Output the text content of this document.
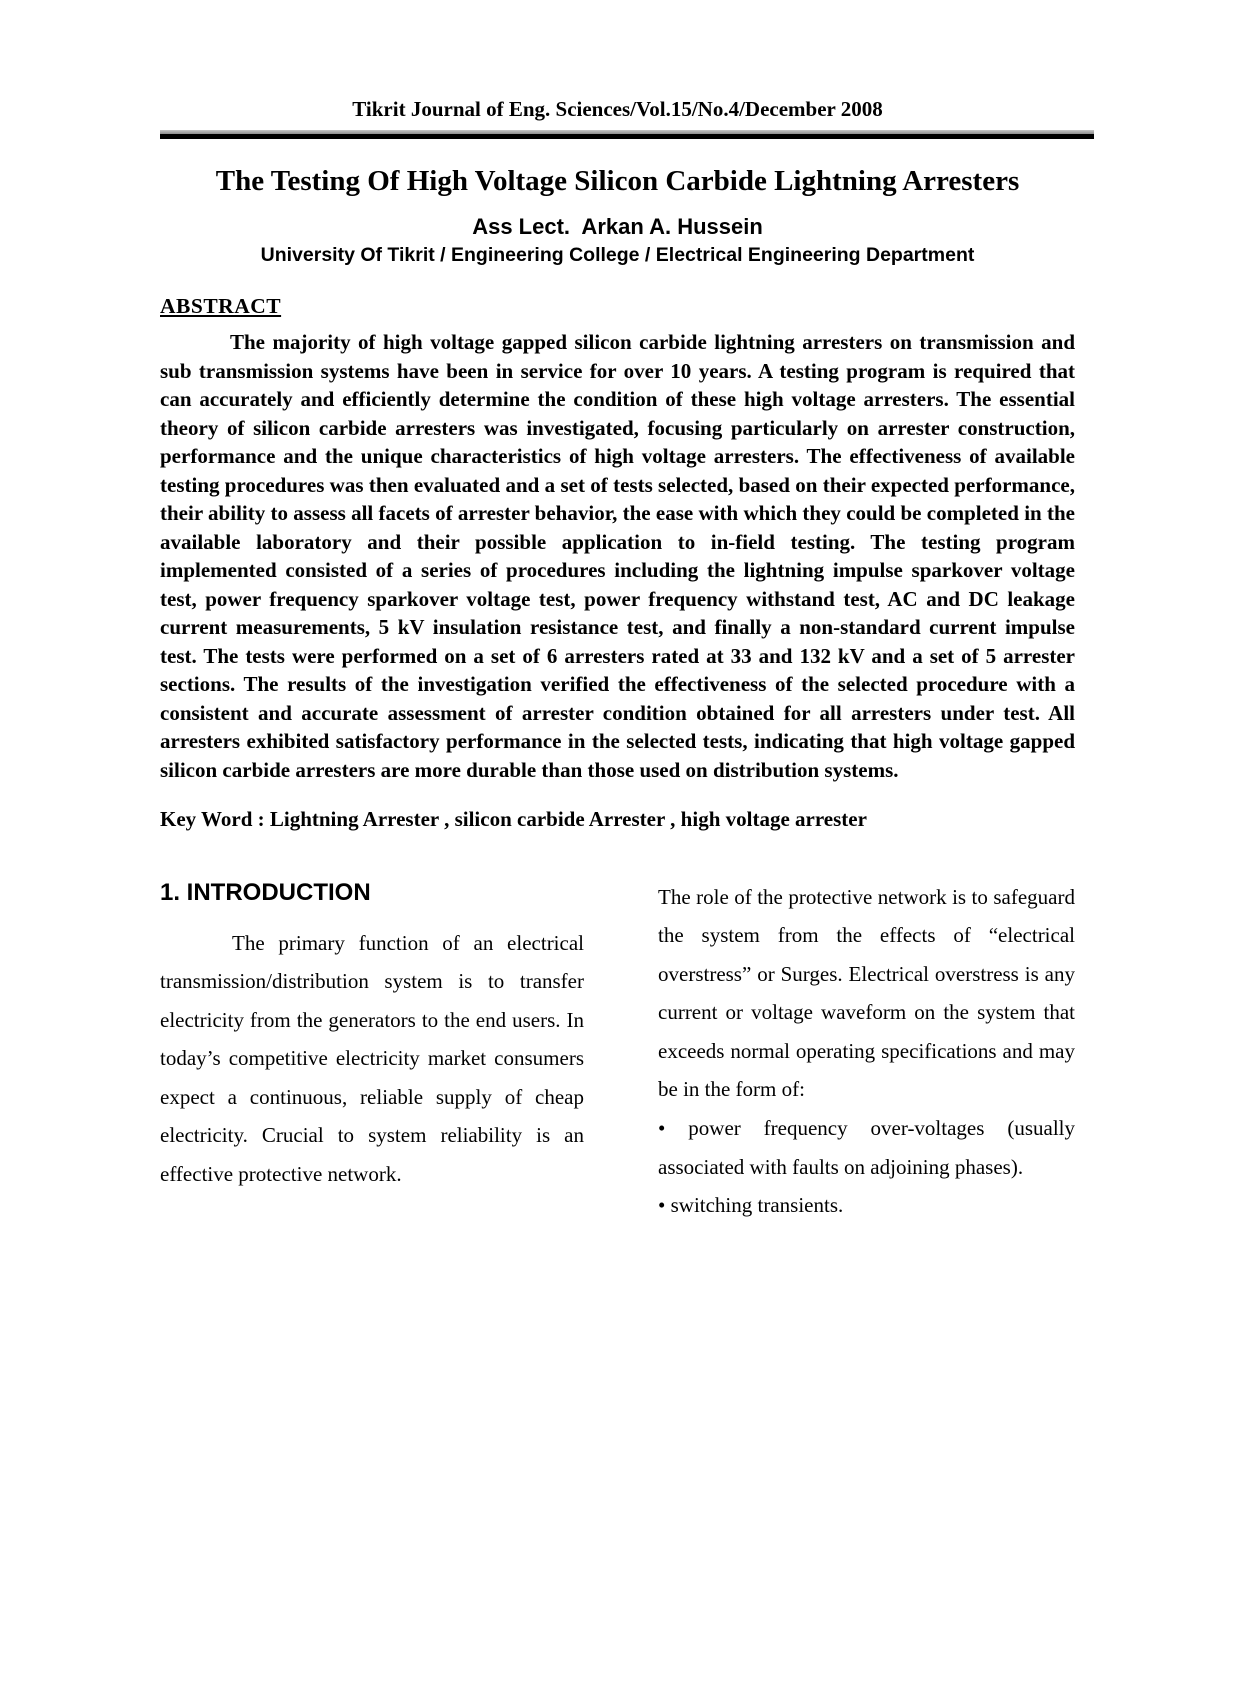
Tikrit Journal of Eng. Sciences/Vol.15/No.4/December 2008
The Testing Of High Voltage Silicon Carbide Lightning Arresters
Ass Lect.  Arkan A. Hussein
University Of Tikrit / Engineering College / Electrical Engineering Department
ABSTRACT

The majority of high voltage gapped silicon carbide lightning arresters on transmission and sub transmission systems have been in service for over 10 years. A testing program is required that can accurately and efficiently determine the condition of these high voltage arresters. The essential theory of silicon carbide arresters was investigated, focusing particularly on arrester construction, performance and the unique characteristics of high voltage arresters. The effectiveness of available testing procedures was then evaluated and a set of tests selected, based on their expected performance, their ability to assess all facets of arrester behavior, the ease with which they could be completed in the available laboratory and their possible application to in-field testing. The testing program implemented consisted of a series of procedures including the lightning impulse sparkover voltage test, power frequency sparkover voltage test, power frequency withstand test, AC and DC leakage current measurements, 5 kV insulation resistance test, and finally a non-standard current impulse test. The tests were performed on a set of 6 arresters rated at 33 and 132 kV and a set of 5 arrester sections. The results of the investigation verified the effectiveness of the selected procedure with a consistent and accurate assessment of arrester condition obtained for all arresters under test. All arresters exhibited satisfactory performance in the selected tests, indicating that high voltage gapped silicon carbide arresters are more durable than those used on distribution systems.

Key Word : Lightning Arrester , silicon carbide Arrester , high voltage arrester

1. INTRODUCTION

The primary function of an electrical transmission/distribution system is to transfer electricity from the generators to the end users. In today’s competitive electricity market consumers expect a continuous, reliable supply of cheap electricity. Crucial to system reliability is an effective protective network.

The role of the protective network is to safeguard the system from the effects of “electrical overstress” or Surges. Electrical overstress is any current or voltage waveform on the system that exceeds normal operating specifications and may be in the form of:

• power frequency over-voltages (usually associated with faults on adjoining phases).

• switching transients.
